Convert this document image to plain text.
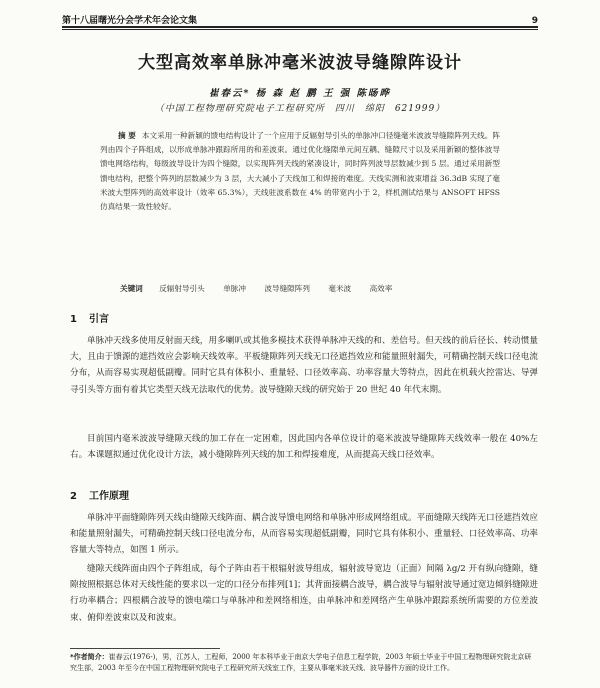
第十八届曙光分会学术年会论文集	9
大型高效率单脉冲毫米波波导缝隙阵设计
崔春云* 杨 森 赵 鹏 王 强 陈旸晔
（中国工程物理研究院电子工程研究所　四川　绵阳　621999）
摘 要 本文采用一种新颖的馈电结构设计了一个应用于反辐射导引头的单脉冲口径缝毫米波波导缝隙阵列天线。阵列由四个子阵组成，以形成单脉冲跟踪所用的和差波束。通过优化缝隙单元间互耦、缝隙尺寸以及采用新颖的整体波导馈电网络结构，每级波导设计为四个缝隙，以实现阵列天线的紧凑设计，同时阵列波导层数减少到 5 层。通过采用新型馈电结构，把整个阵列的层数减少为 3 层，大大减小了天线加工和焊接的难度。天线实测和波束增益 36.3dB 实现了毫米波大型阵列的高效率设计（效率 65.3%），天线驻波系数在 4% 的带宽内小于 2，样机测试结果与 ANSOFT HFSS 仿真结果一致性较好。
关键词 反辐射导引头 单脉冲 波导缝隙阵列 毫米波 高效率
1 引言
单脉冲天线多使用反射面天线，用多喇叭或其他多模技术获得单脉冲天线的和、差信号。但天线的前后径长、转动惯量大，且由于馈源的遮挡效应会影响天线效率。平板缝隙阵列天线无口径遮挡效应和能量照射漏失，可精确控制天线口径电流分布，从而容易实现超低副瓣。同时它具有体积小、重量轻、口径效率高、功率容量大等特点，因此在机载火控雷达、导弹寻引头等方面有着其它类型天线无法取代的优势。波导缝隙天线的研究始于 20 世纪 40 年代末期。
目前国内毫米波波导缝隙天线的加工存在一定困难，因此国内各单位设计的毫米波波导缝隙阵天线效率一般在 40%左右。本课题拟通过优化设计方法，减小缝隙阵列天线的加工和焊接难度，从而提高天线口径效率。
2 工作原理
单脉冲平面缝隙阵列天线由缝隙天线阵面、耦合波导馈电网络和单脉冲形成网络组成。平面缝隙天线阵无口径遮挡效应和能量照射漏失，可精确控制天线口径电流分布，从而容易实现超低副瓣，同时它具有体积小、重量轻、口径效率高、功率容量大等特点，如图 1 所示。
缝隙天线阵面由四个子阵组成，每个子阵由若干根辐射波导组成，辐射波导宽边（正面）间隔 λg/2 开有纵向缝隙，缝隙按照根据总体对天线性能的要求以一定的口径分布排列[1]；其背面接耦合波导，耦合波导与辐射波导通过宽边倾斜缝隙进行功率耦合；四根耦合波导的馈电端口与单脉冲和差网络相连，由单脉冲和差网络产生单脉冲跟踪系统所需要的方位差波束、俯仰差波束以及和波束。
*作者简介：崔春云(1976-)，男，江苏人，工程师，2000 年本科毕业于南京大学电子信息工程学院，2003 年硕士毕业于中国工程物理研究院北京研究生部，2003 年至今在中国工程物理研究院电子工程研究所天线室工作，主要从事毫米波天线、波导器件方面的设计工作。
